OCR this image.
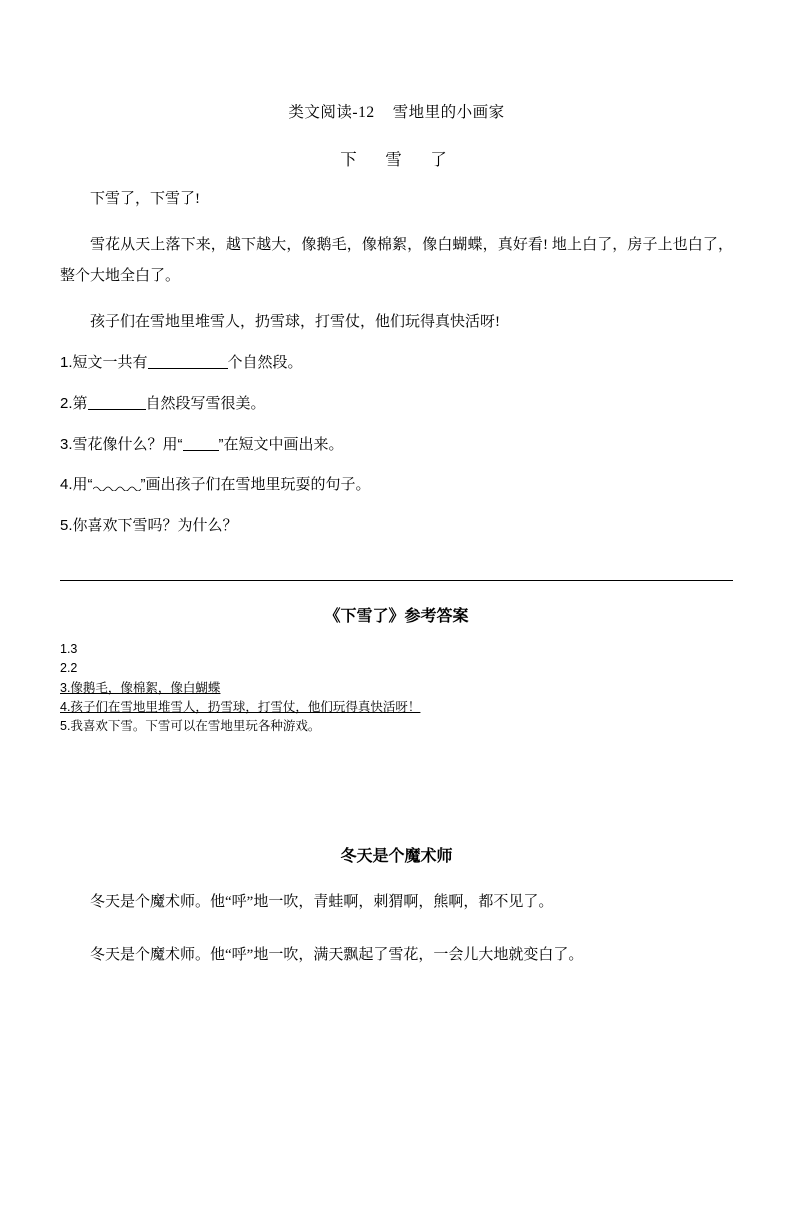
类文阅读-12 雪地里的小画家
下　雪　了
下雪了，下雪了!
雪花从天上落下来，越下越大，像鹅毛，像棉絮，像白蝴蝶，真好看! 地上白了，房子上也白了，整个大地全白了。
孩子们在雪地里堆雪人，扔雪球，打雪仗，他们玩得真快活呀!
1.短文一共有	个自然段。
2.第	自然段写雪很美。
3.雪花像什么？用“ ”在短文中画出来。
4.用“	”画出孩子们在雪地里玩耍的句子。
5.你喜欢下雪吗？为什么？
《下雪了》参考答案
1.3
2.2
3.像鹅毛，像棉絮，像白蝴蝶
4.孩子们在雪地里堆雪人，扔雪球，打雪仗，他们玩得真快活呀！
5.我喜欢下雪。下雪可以在雪地里玩各种游戏。
冬天是个魔术师
冬天是个魔术师。他“呼”地一吹，青蛙啊，刺猬啊，熊啊，都不见了。
冬天是个魔术师。他“呼”地一吹，满天飘起了雪花，一会儿大地就变白了。
